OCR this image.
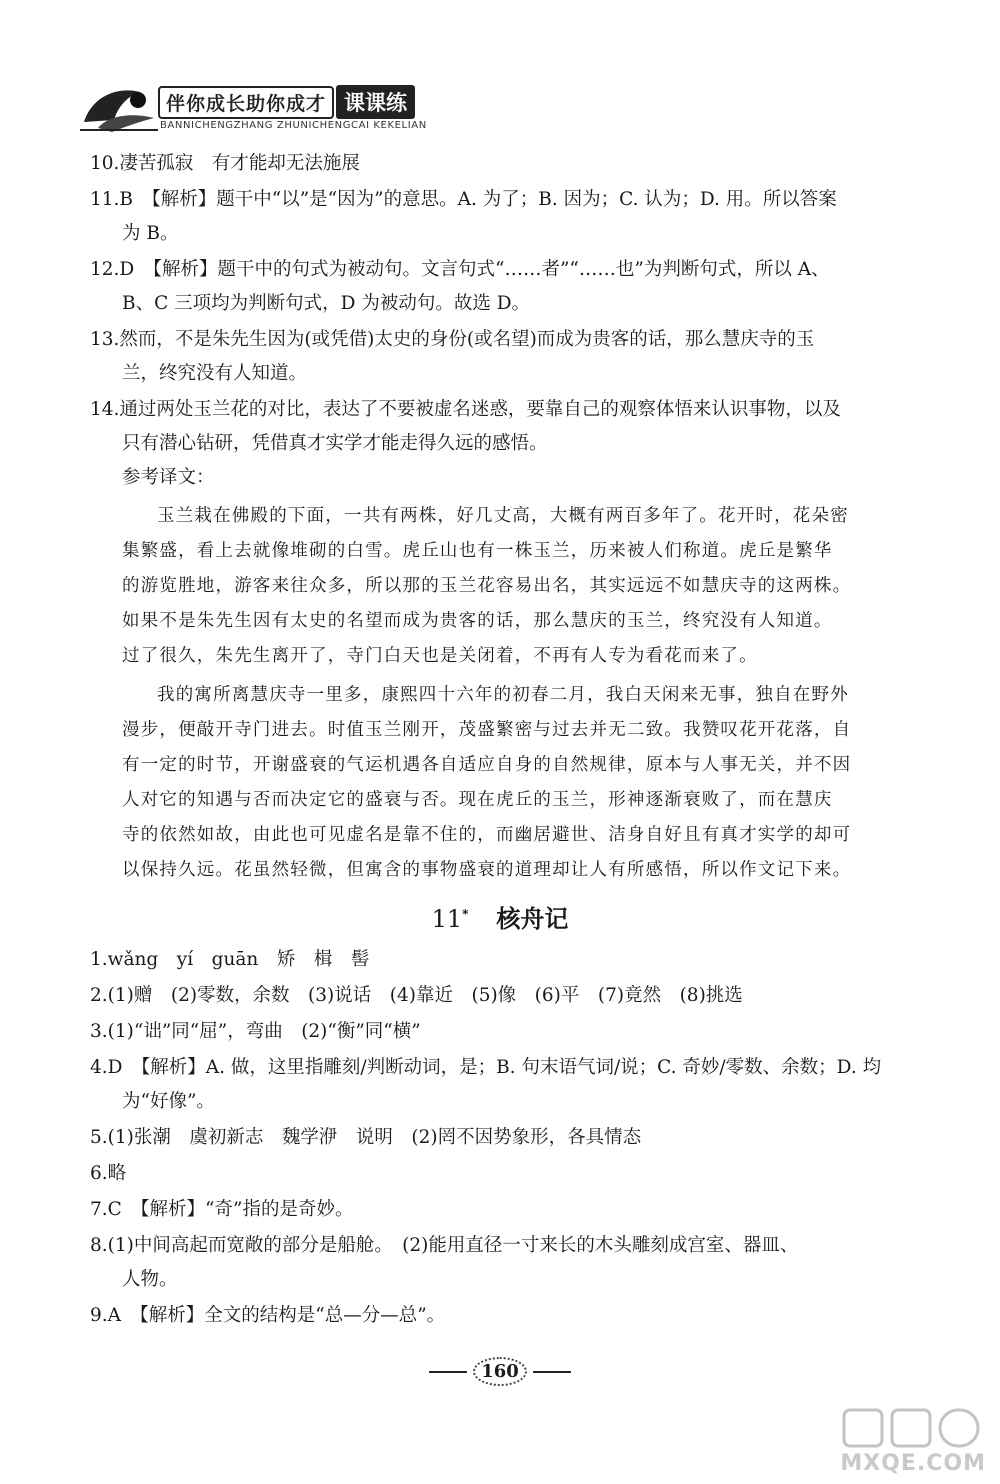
伴你成长助你成才 课课练
BANNICHENGZHANG ZHUNICHENGCAI KEKELIAN

10.凄苦孤寂　有才能却无法施展

11.B　【解析】题干中“以”是“因为”的意思。A. 为了；B. 因为；C. 认为；D. 用。所以答案

为 B。

12.D　【解析】题干中的句式为被动句。文言句式“……者”“……也”为判断句式，所以 A、

B、C 三项均为判断句式，D 为被动句。故选 D。

13.然而，不是朱先生因为(或凭借)太史的身份(或名望)而成为贵客的话，那么慧庆寺的玉

兰，终究没有人知道。

14.通过两处玉兰花的对比，表达了不要被虚名迷惑，要靠自己的观察体悟来认识事物，以及

只有潜心钻研，凭借真才实学才能走得久远的感悟。

参考译文：

玉兰栽在佛殿的下面，一共有两株，好几丈高，大概有两百多年了。花开时，花朵密

集繁盛，看上去就像堆砌的白雪。虎丘山也有一株玉兰，历来被人们称道。虎丘是繁华

的游览胜地，游客来往众多，所以那的玉兰花容易出名，其实远远不如慧庆寺的这两株。

如果不是朱先生因有太史的名望而成为贵客的话，那么慧庆的玉兰，终究没有人知道。

过了很久，朱先生离开了，寺门白天也是关闭着，不再有人专为看花而来了。

我的寓所离慧庆寺一里多，康熙四十六年的初春二月，我白天闲来无事，独自在野外

漫步，便敲开寺门进去。时值玉兰刚开，茂盛繁密与过去并无二致。我赞叹花开花落，自

有一定的时节，开谢盛衰的气运机遇各自适应自身的自然规律，原本与人事无关，并不因

人对它的知遇与否而决定它的盛衰与否。现在虎丘的玉兰，形神逐渐衰败了，而在慧庆

寺的依然如故，由此也可见虚名是靠不住的，而幽居避世、洁身自好且有真才实学的却可

以保持久远。花虽然轻微，但寓含的事物盛衰的道理却让人有所感悟，所以作文记下来。

11* 核舟记

1.wǎng　yí　guān　矫　楫　髻

2.(1)赠　(2)零数，余数　(3)说话　(4)靠近　(5)像　(6)平　(7)竟然　(8)挑选

3.(1)“诎”同“屈”，弯曲　(2)“衡”同“横”

4.D　【解析】A. 做，这里指雕刻/判断动词，是；B. 句末语气词/说；C. 奇妙/零数、余数；D. 均

为“好像”。

5.(1)张潮　虞初新志　魏学洢　说明　(2)罔不因势象形，各具情态

6.略

7.C　【解析】“奇”指的是奇妙。

8.(1)中间高起而宽敞的部分是船舱。　(2)能用直径一寸来长的木头雕刻成宫室、器皿、

人物。

9.A　【解析】全文的结构是“总—分—总”。

160
MXQE.COM
